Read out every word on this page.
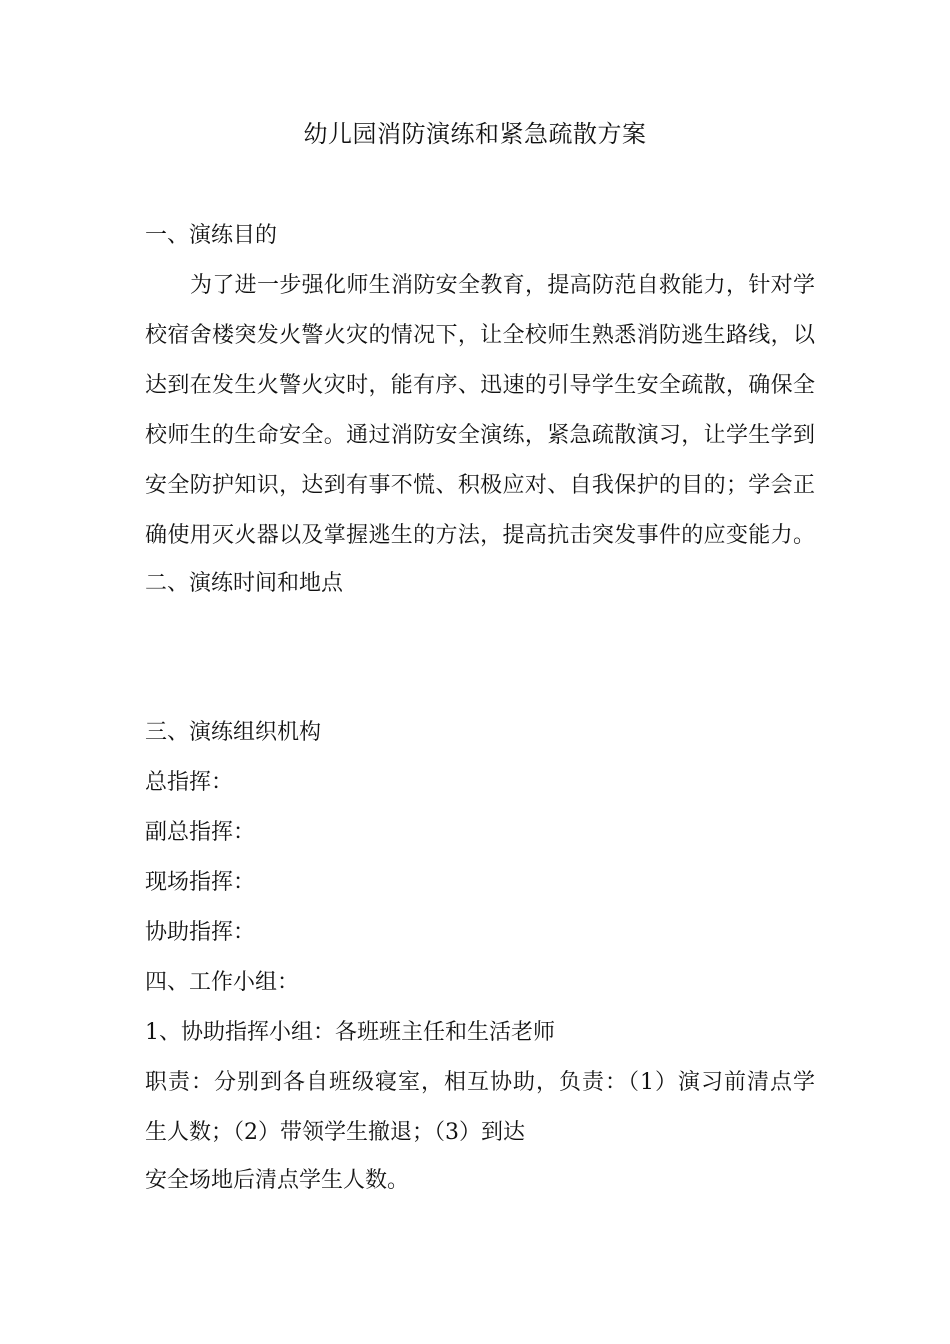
幼儿园消防演练和紧急疏散方案
一、演练目的
为了进一步强化师生消防安全教育，提高防范自救能力，针对学
校宿舍楼突发火警火灾的情况下，让全校师生熟悉消防逃生路线，以
达到在发生火警火灾时，能有序、迅速的引导学生安全疏散，确保全
校师生的生命安全。通过消防安全演练，紧急疏散演习，让学生学到
安全防护知识，达到有事不慌、积极应对、自我保护的目的；学会正
确使用灭火器以及掌握逃生的方法，提高抗击突发事件的应变能力。
二、演练时间和地点
三、演练组织机构
总指挥：
副总指挥：
现场指挥：
协助指挥：
四、工作小组：
1、协助指挥小组：各班班主任和生活老师
职责：分别到各自班级寝室，相互协助，负责：（1）演习前清点学
生人数；（2）带领学生撤退；（3）到达
安全场地后清点学生人数。
